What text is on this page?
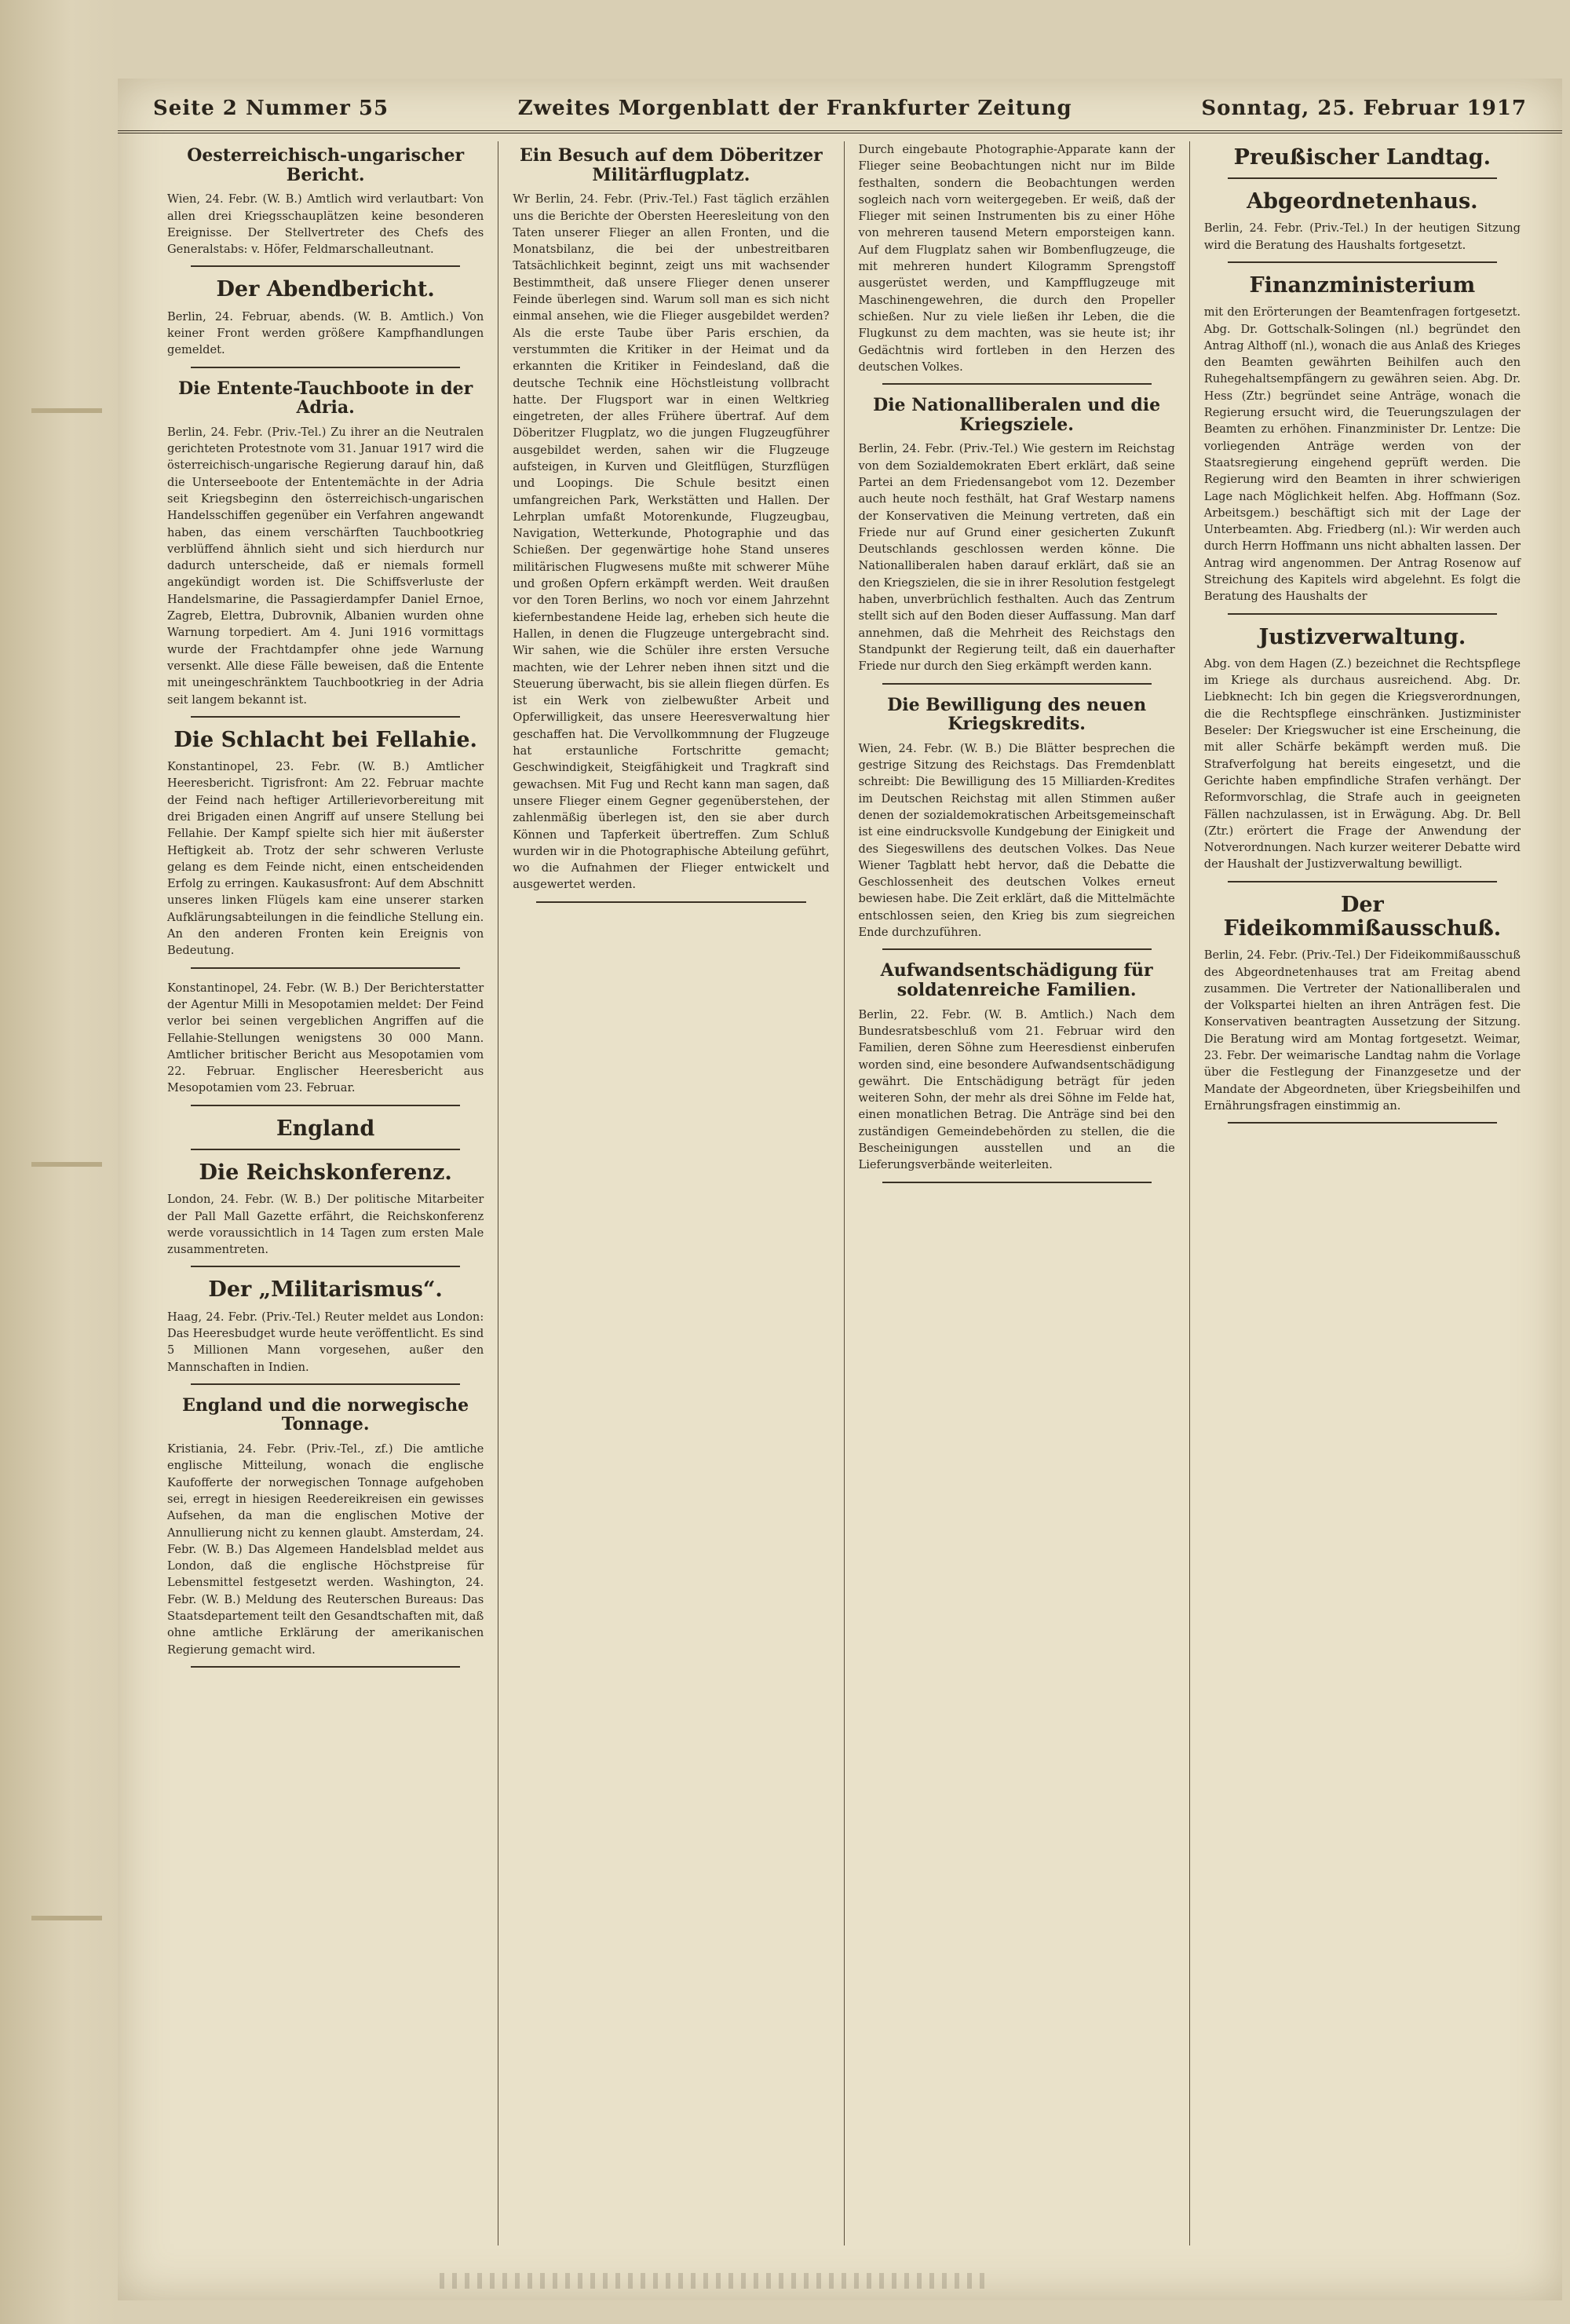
Seite 2 Nummer 55	Zweites Morgenblatt der Frankfurter Zeitung	Sonntag, 25. Februar 1917
Oesterreichisch-ungarischer Bericht.
Wien, 24. Febr. (W. B.) Amtlich wird verlautbart: Von allen drei Kriegsschauplätzen keine besonderen Ereignisse. Der Stellvertreter des Chefs des Generalstabs: v. Höfer, Feldmarschalleutnant.
Der Abendbericht.
Berlin, 24. Februar, abends. (W. B. Amtlich.) Von keiner Front werden größere Kampfhandlungen gemeldet.
Die Entente-Tauchboote in der Adria.
Berlin, 24. Febr. (Priv.-Tel.) Zu ihrer an die Neutralen gerichteten Protestnote vom 31. Januar 1917 wird die österreichisch-ungarische Regierung darauf hin, daß die Unterseeboote der Ententemächte in der Adria seit Kriegsbeginn den österreichisch-ungarischen Handelsschiffen gegenüber ein Verfahren angewandt haben, das einem verschärften Tauchbootkrieg verblüffend ähnlich sieht und sich hierdurch nur dadurch unterscheide, daß er niemals formell angekündigt worden ist. Die Schiffsverluste der Handelsmarine, die Passagierdampfer Daniel Ernoe, Zagreb, Elettra, Dubrovnik, Albanien wurden ohne Warnung torpediert. Am 4. Juni 1916 vormittags wurde der Frachtdampfer ohne jede Warnung versenkt. Alle diese Fälle beweisen, daß die Entente mit uneingeschränktem Tauchbootkrieg in der Adria seit langem bekannt ist.
Die Schlacht bei Fellahie.
Konstantinopel, 23. Febr. (W. B.) Amtlicher Heeresbericht. Tigrisfront: Am 22. Februar machte der Feind nach heftiger Artillerievorbereitung mit drei Brigaden einen Angriff auf unsere Stellung bei Fellahie. Der Kampf spielte sich hier mit äußerster Heftigkeit ab. Trotz der sehr schweren Verluste gelang es dem Feinde nicht, einen entscheidenden Erfolg zu erringen. Kaukasusfront: Auf dem Abschnitt unseres linken Flügels kam eine unserer starken Aufklärungsabteilungen in die feindliche Stellung ein. An den anderen Fronten kein Ereignis von Bedeutung.
Konstantinopel, 24. Febr. (W. B.) Der Berichterstatter der Agentur Milli in Mesopotamien meldet: Der Feind verlor bei seinen vergeblichen Angriffen auf die Fellahie-Stellungen wenigstens 30 000 Mann. Amtlicher britischer Bericht aus Mesopotamien vom 22. Februar. Englischer Heeresbericht aus Mesopotamien vom 23. Februar.
England
Die Reichskonferenz.
London, 24. Febr. (W. B.) Der politische Mitarbeiter der Pall Mall Gazette erfährt, die Reichskonferenz werde voraussichtlich in 14 Tagen zum ersten Male zusammentreten.
Der „Militarismus“.
Haag, 24. Febr. (Priv.-Tel.) Reuter meldet aus London: Das Heeresbudget wurde heute veröffentlicht. Es sind 5 Millionen Mann vorgesehen, außer den Mannschaften in Indien.
England und die norwegische Tonnage.
Kristiania, 24. Febr. (Priv.-Tel., zf.) Die amtliche englische Mitteilung, wonach die englische Kaufofferte der norwegischen Tonnage aufgehoben sei, erregt in hiesigen Reedereikreisen ein gewisses Aufsehen, da man die englischen Motive der Annullierung nicht zu kennen glaubt. Amsterdam, 24. Febr. (W. B.) Das Algemeen Handelsblad meldet aus London, daß die englische Höchstpreise für Lebensmittel festgesetzt werden. Washington, 24. Febr. (W. B.) Meldung des Reuterschen Bureaus: Das Staatsdepartement teilt den Gesandtschaften mit, daß ohne amtliche Erklärung der amerikanischen Regierung gemacht wird.
Ein Besuch auf dem Döberitzer Militärflugplatz.
Wr Berlin, 24. Febr. (Priv.-Tel.) Fast täglich erzählen uns die Berichte der Obersten Heeresleitung von den Taten unserer Flieger an allen Fronten, und die Monatsbilanz, die bei der unbestreitbaren Tatsächlichkeit beginnt, zeigt uns mit wachsender Bestimmtheit, daß unsere Flieger denen unserer Feinde überlegen sind. Warum soll man es sich nicht einmal ansehen, wie die Flieger ausgebildet werden? Als die erste Taube über Paris erschien, da verstummten die Kritiker in der Heimat und da erkannten die Kritiker in Feindesland, daß die deutsche Technik eine Höchstleistung vollbracht hatte. Der Flugsport war in einen Weltkrieg eingetreten, der alles Frühere übertraf. Auf dem Döberitzer Flugplatz, wo die jungen Flugzeugführer ausgebildet werden, sahen wir die Flugzeuge aufsteigen, in Kurven und Gleitflügen, Sturzflügen und Loopings. Die Schule besitzt einen umfangreichen Park, Werkstätten und Hallen. Der Lehrplan umfaßt Motorenkunde, Flugzeugbau, Navigation, Wetterkunde, Photographie und das Schießen. Der gegenwärtige hohe Stand unseres militärischen Flugwesens mußte mit schwerer Mühe und großen Opfern erkämpft werden. Weit draußen vor den Toren Berlins, wo noch vor einem Jahrzehnt kiefernbestandene Heide lag, erheben sich heute die Hallen, in denen die Flugzeuge untergebracht sind. Wir sahen, wie die Schüler ihre ersten Versuche machten, wie der Lehrer neben ihnen sitzt und die Steuerung überwacht, bis sie allein fliegen dürfen. Es ist ein Werk von zielbewußter Arbeit und Opferwilligkeit, das unsere Heeresverwaltung hier geschaffen hat. Die Vervollkommnung der Flugzeuge hat erstaunliche Fortschritte gemacht; Geschwindigkeit, Steigfähigkeit und Tragkraft sind gewachsen. Mit Fug und Recht kann man sagen, daß unsere Flieger einem Gegner gegenüberstehen, der zahlenmäßig überlegen ist, den sie aber durch Können und Tapferkeit übertreffen. Zum Schluß wurden wir in die Photographische Abteilung geführt, wo die Aufnahmen der Flieger entwickelt und ausgewertet werden.
Durch eingebaute Photographie-Apparate kann der Flieger seine Beobachtungen nicht nur im Bilde festhalten, sondern die Beobachtungen werden sogleich nach vorn weitergegeben. Er weiß, daß der Flieger mit seinen Instrumenten bis zu einer Höhe von mehreren tausend Metern emporsteigen kann. Auf dem Flugplatz sahen wir Bombenflugzeuge, die mit mehreren hundert Kilogramm Sprengstoff ausgerüstet werden, und Kampfflugzeuge mit Maschinengewehren, die durch den Propeller schießen. Nur zu viele ließen ihr Leben, die die Flugkunst zu dem machten, was sie heute ist; ihr Gedächtnis wird fortleben in den Herzen des deutschen Volkes.
Die Nationalliberalen und die Kriegsziele.
Berlin, 24. Febr. (Priv.-Tel.) Wie gestern im Reichstag von dem Sozialdemokraten Ebert erklärt, daß seine Partei an dem Friedensangebot vom 12. Dezember auch heute noch festhält, hat Graf Westarp namens der Konservativen die Meinung vertreten, daß ein Friede nur auf Grund einer gesicherten Zukunft Deutschlands geschlossen werden könne. Die Nationalliberalen haben darauf erklärt, daß sie an den Kriegszielen, die sie in ihrer Resolution festgelegt haben, unverbrüchlich festhalten. Auch das Zentrum stellt sich auf den Boden dieser Auffassung. Man darf annehmen, daß die Mehrheit des Reichstags den Standpunkt der Regierung teilt, daß ein dauerhafter Friede nur durch den Sieg erkämpft werden kann.
Die Bewilligung des neuen Kriegskredits.
Wien, 24. Febr. (W. B.) Die Blätter besprechen die gestrige Sitzung des Reichstags. Das Fremdenblatt schreibt: Die Bewilligung des 15 Milliarden-Kredites im Deutschen Reichstag mit allen Stimmen außer denen der sozialdemokratischen Arbeitsgemeinschaft ist eine eindrucksvolle Kundgebung der Einigkeit und des Siegeswillens des deutschen Volkes. Das Neue Wiener Tagblatt hebt hervor, daß die Debatte die Geschlossenheit des deutschen Volkes erneut bewiesen habe. Die Zeit erklärt, daß die Mittelmächte entschlossen seien, den Krieg bis zum siegreichen Ende durchzuführen.
Aufwandsentschädigung für soldatenreiche Familien.
Berlin, 22. Febr. (W. B. Amtlich.) Nach dem Bundesratsbeschluß vom 21. Februar wird den Familien, deren Söhne zum Heeresdienst einberufen worden sind, eine besondere Aufwandsentschädigung gewährt. Die Entschädigung beträgt für jeden weiteren Sohn, der mehr als drei Söhne im Felde hat, einen monatlichen Betrag. Die Anträge sind bei den zuständigen Gemeindebehörden zu stellen, die die Bescheinigungen ausstellen und an die Lieferungsverbände weiterleiten.
Preußischer Landtag.
Abgeordnetenhaus.
Berlin, 24. Febr. (Priv.-Tel.) In der heutigen Sitzung wird die Beratung des Haushalts fortgesetzt.
Finanzministerium
mit den Erörterungen der Beamtenfragen fortgesetzt. Abg. Dr. Gottschalk-Solingen (nl.) begründet den Antrag Althoff (nl.), wonach die aus Anlaß des Krieges den Beamten gewährten Beihilfen auch den Ruhegehaltsempfängern zu gewähren seien. Abg. Dr. Hess (Ztr.) begründet seine Anträge, wonach die Regierung ersucht wird, die Teuerungszulagen der Beamten zu erhöhen. Finanzminister Dr. Lentze: Die vorliegenden Anträge werden von der Staatsregierung eingehend geprüft werden. Die Regierung wird den Beamten in ihrer schwierigen Lage nach Möglichkeit helfen. Abg. Hoffmann (Soz. Arbeitsgem.) beschäftigt sich mit der Lage der Unterbeamten. Abg. Friedberg (nl.): Wir werden auch durch Herrn Hoffmann uns nicht abhalten lassen. Der Antrag wird angenommen. Der Antrag Rosenow auf Streichung des Kapitels wird abgelehnt. Es folgt die Beratung des Haushalts der
Justizverwaltung.
Abg. von dem Hagen (Z.) bezeichnet die Rechtspflege im Kriege als durchaus ausreichend. Abg. Dr. Liebknecht: Ich bin gegen die Kriegsverordnungen, die die Rechtspflege einschränken. Justizminister Beseler: Der Kriegswucher ist eine Erscheinung, die mit aller Schärfe bekämpft werden muß. Die Strafverfolgung hat bereits eingesetzt, und die Gerichte haben empfindliche Strafen verhängt. Der Reformvorschlag, die Strafe auch in geeigneten Fällen nachzulassen, ist in Erwägung. Abg. Dr. Bell (Ztr.) erörtert die Frage der Anwendung der Notverordnungen. Nach kurzer weiterer Debatte wird der Haushalt der Justizverwaltung bewilligt.
Der Fideikommißausschuß.
Berlin, 24. Febr. (Priv.-Tel.) Der Fideikommißausschuß des Abgeordnetenhauses trat am Freitag abend zusammen. Die Vertreter der Nationalliberalen und der Volkspartei hielten an ihren Anträgen fest. Die Konservativen beantragten Aussetzung der Sitzung. Die Beratung wird am Montag fortgesetzt. Weimar, 23. Febr. Der weimarische Landtag nahm die Vorlage über die Festlegung der Finanzgesetze und der Mandate der Abgeordneten, über Kriegsbeihilfen und Ernährungsfragen einstimmig an.
